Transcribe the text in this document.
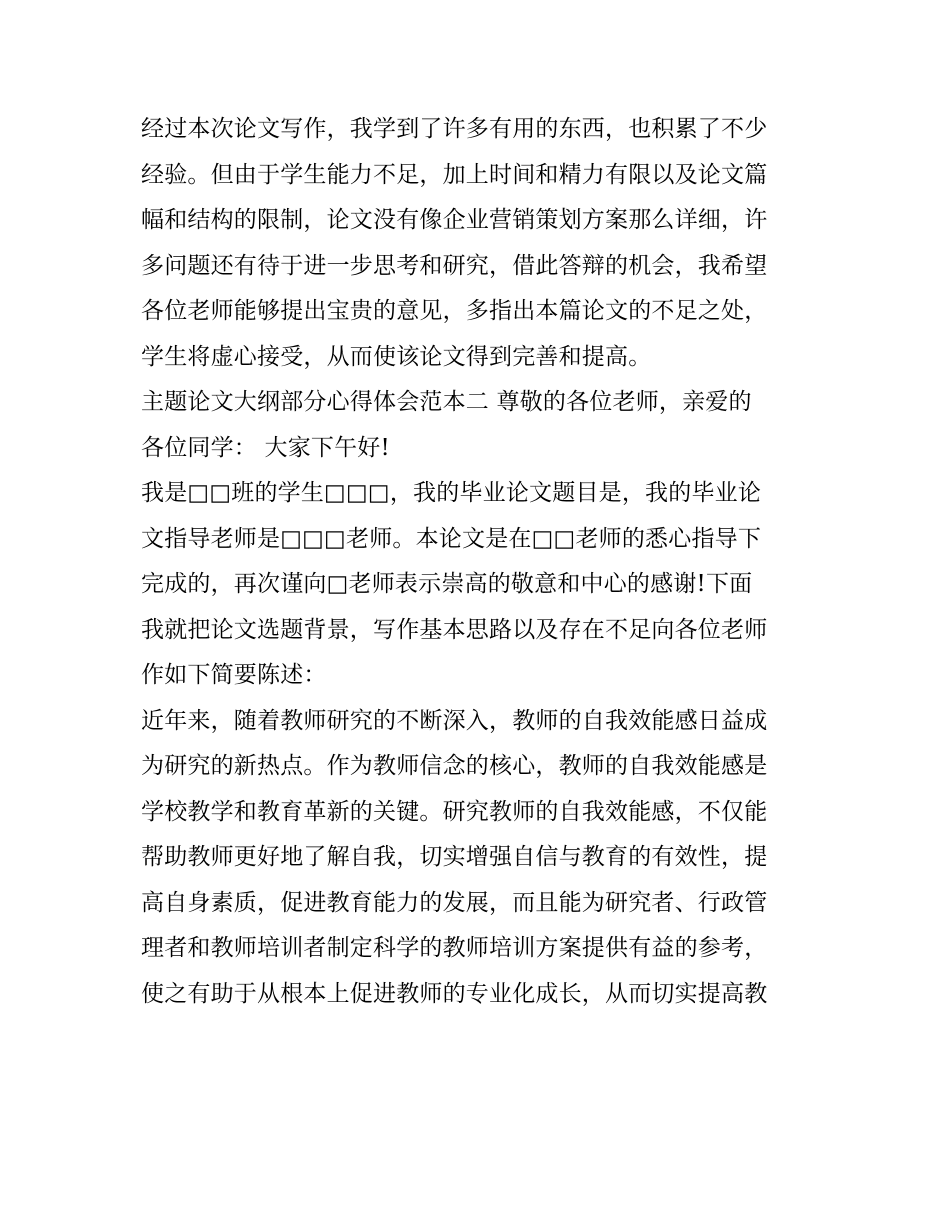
经过本次论文写作，我学到了许多有用的东西，也积累了不少
经验。但由于学生能力不足，加上时间和精力有限以及论文篇
幅和结构的限制，论文没有像企业营销策划方案那么详细，许
多问题还有待于进一步思考和研究，借此答辩的机会，我希望
各位老师能够提出宝贵的意见，多指出本篇论文的不足之处，
学生将虚心接受，从而使该论文得到完善和提高。
主题论文大纲部分心得体会范本二 尊敬的各位老师，亲爱的
各位同学： 大家下午好!
我是□□班的学生□□□，我的毕业论文题目是，我的毕业论
文指导老师是□□□老师。本论文是在□□老师的悉心指导下
完成的，再次谨向□老师表示崇高的敬意和中心的感谢!下面
我就把论文选题背景，写作基本思路以及存在不足向各位老师
作如下简要陈述：
近年来，随着教师研究的不断深入，教师的自我效能感日益成
为研究的新热点。作为教师信念的核心，教师的自我效能感是
学校教学和教育革新的关键。研究教师的自我效能感，不仅能
帮助教师更好地了解自我，切实增强自信与教育的有效性，提
高自身素质，促进教育能力的发展，而且能为研究者、行政管
理者和教师培训者制定科学的教师培训方案提供有益的参考，
使之有助于从根本上促进教师的专业化成长，从而切实提高教
